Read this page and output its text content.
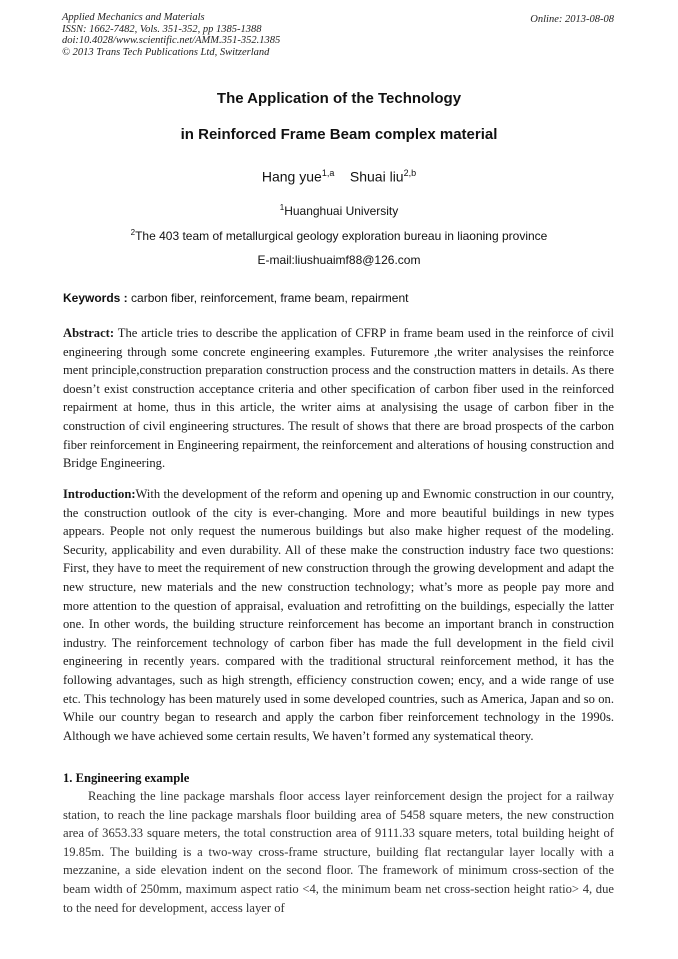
Applied Mechanics and Materials
ISSN: 1662-7482, Vols. 351-352, pp 1385-1388
doi:10.4028/www.scientific.net/AMM.351-352.1385
© 2013 Trans Tech Publications Ltd, Switzerland
Online: 2013-08-08
The Application of the Technology
in Reinforced Frame Beam complex material
Hang yue$^{1,a}$ Shuai liu$^{2,b}$
$^1$Huanghuai University
$^2$The 403 team of metallurgical geology exploration bureau in liaoning province
E-mail:liushuaimf88@126.com
Keywords : carbon fiber, reinforcement, frame beam, repairment
Abstract: The article tries to describe the application of CFRP in frame beam used in the reinforce of civil engineering through some concrete engineering examples. Futuremore ,the writer analysises the reinforce ment principle,construction preparation construction process and the construction matters in details. As there doesn’t exist construction acceptance criteria and other specification of carbon fiber used in the reinforced repairment at home, thus in this article, the writer aims at analysising the usage of carbon fiber in the construction of civil engineering structures. The result of shows that there are broad prospects of the carbon fiber reinforcement in Engineering repairment, the reinforcement and alterations of housing construction and Bridge Engineering.
Introduction:With the development of the reform and opening up and Ewnomic construction in our country, the construction outlook of the city is ever-changing. More and more beautiful buildings in new types appears. People not only request the numerous buildings but also make higher request of the modeling. Security, applicability and even durability. All of these make the construction industry face two questions: First, they have to meet the requirement of new construction through the growing development and adapt the new structure, new materials and the new construction technology; what’s more as people pay more and more attention to the question of appraisal, evaluation and retrofitting on the buildings, especially the latter one. In other words, the building structure reinforcement has become an important branch in construction industry. The reinforcement technology of carbon fiber has made the full development in the field civil engineering in recently years. compared with the traditional structural reinforcement method, it has the following advantages, such as high strength, efficiency construction cowen; ency, and a wide range of use etc. This technology has been maturely used in some developed countries, such as America, Japan and so on. While our country began to research and apply the carbon fiber reinforcement technology in the 1990s. Although we have achieved some certain results, We haven’t formed any systematical theory.
1. Engineering example
Reaching the line package marshals floor access layer reinforcement design the project for a railway station, to reach the line package marshals floor building area of 5458 square meters, the new construction area of 3653.33 square meters, the total construction area of 9111.33 square meters, total building height of 19.85m. The building is a two-way cross-frame structure, building flat rectangular layer locally with a mezzanine, a side elevation indent on the second floor. The framework of minimum cross-section of the beam width of 250mm, maximum aspect ratio <4, the minimum beam net cross-section height ratio> 4, due to the need for development, access layer of
